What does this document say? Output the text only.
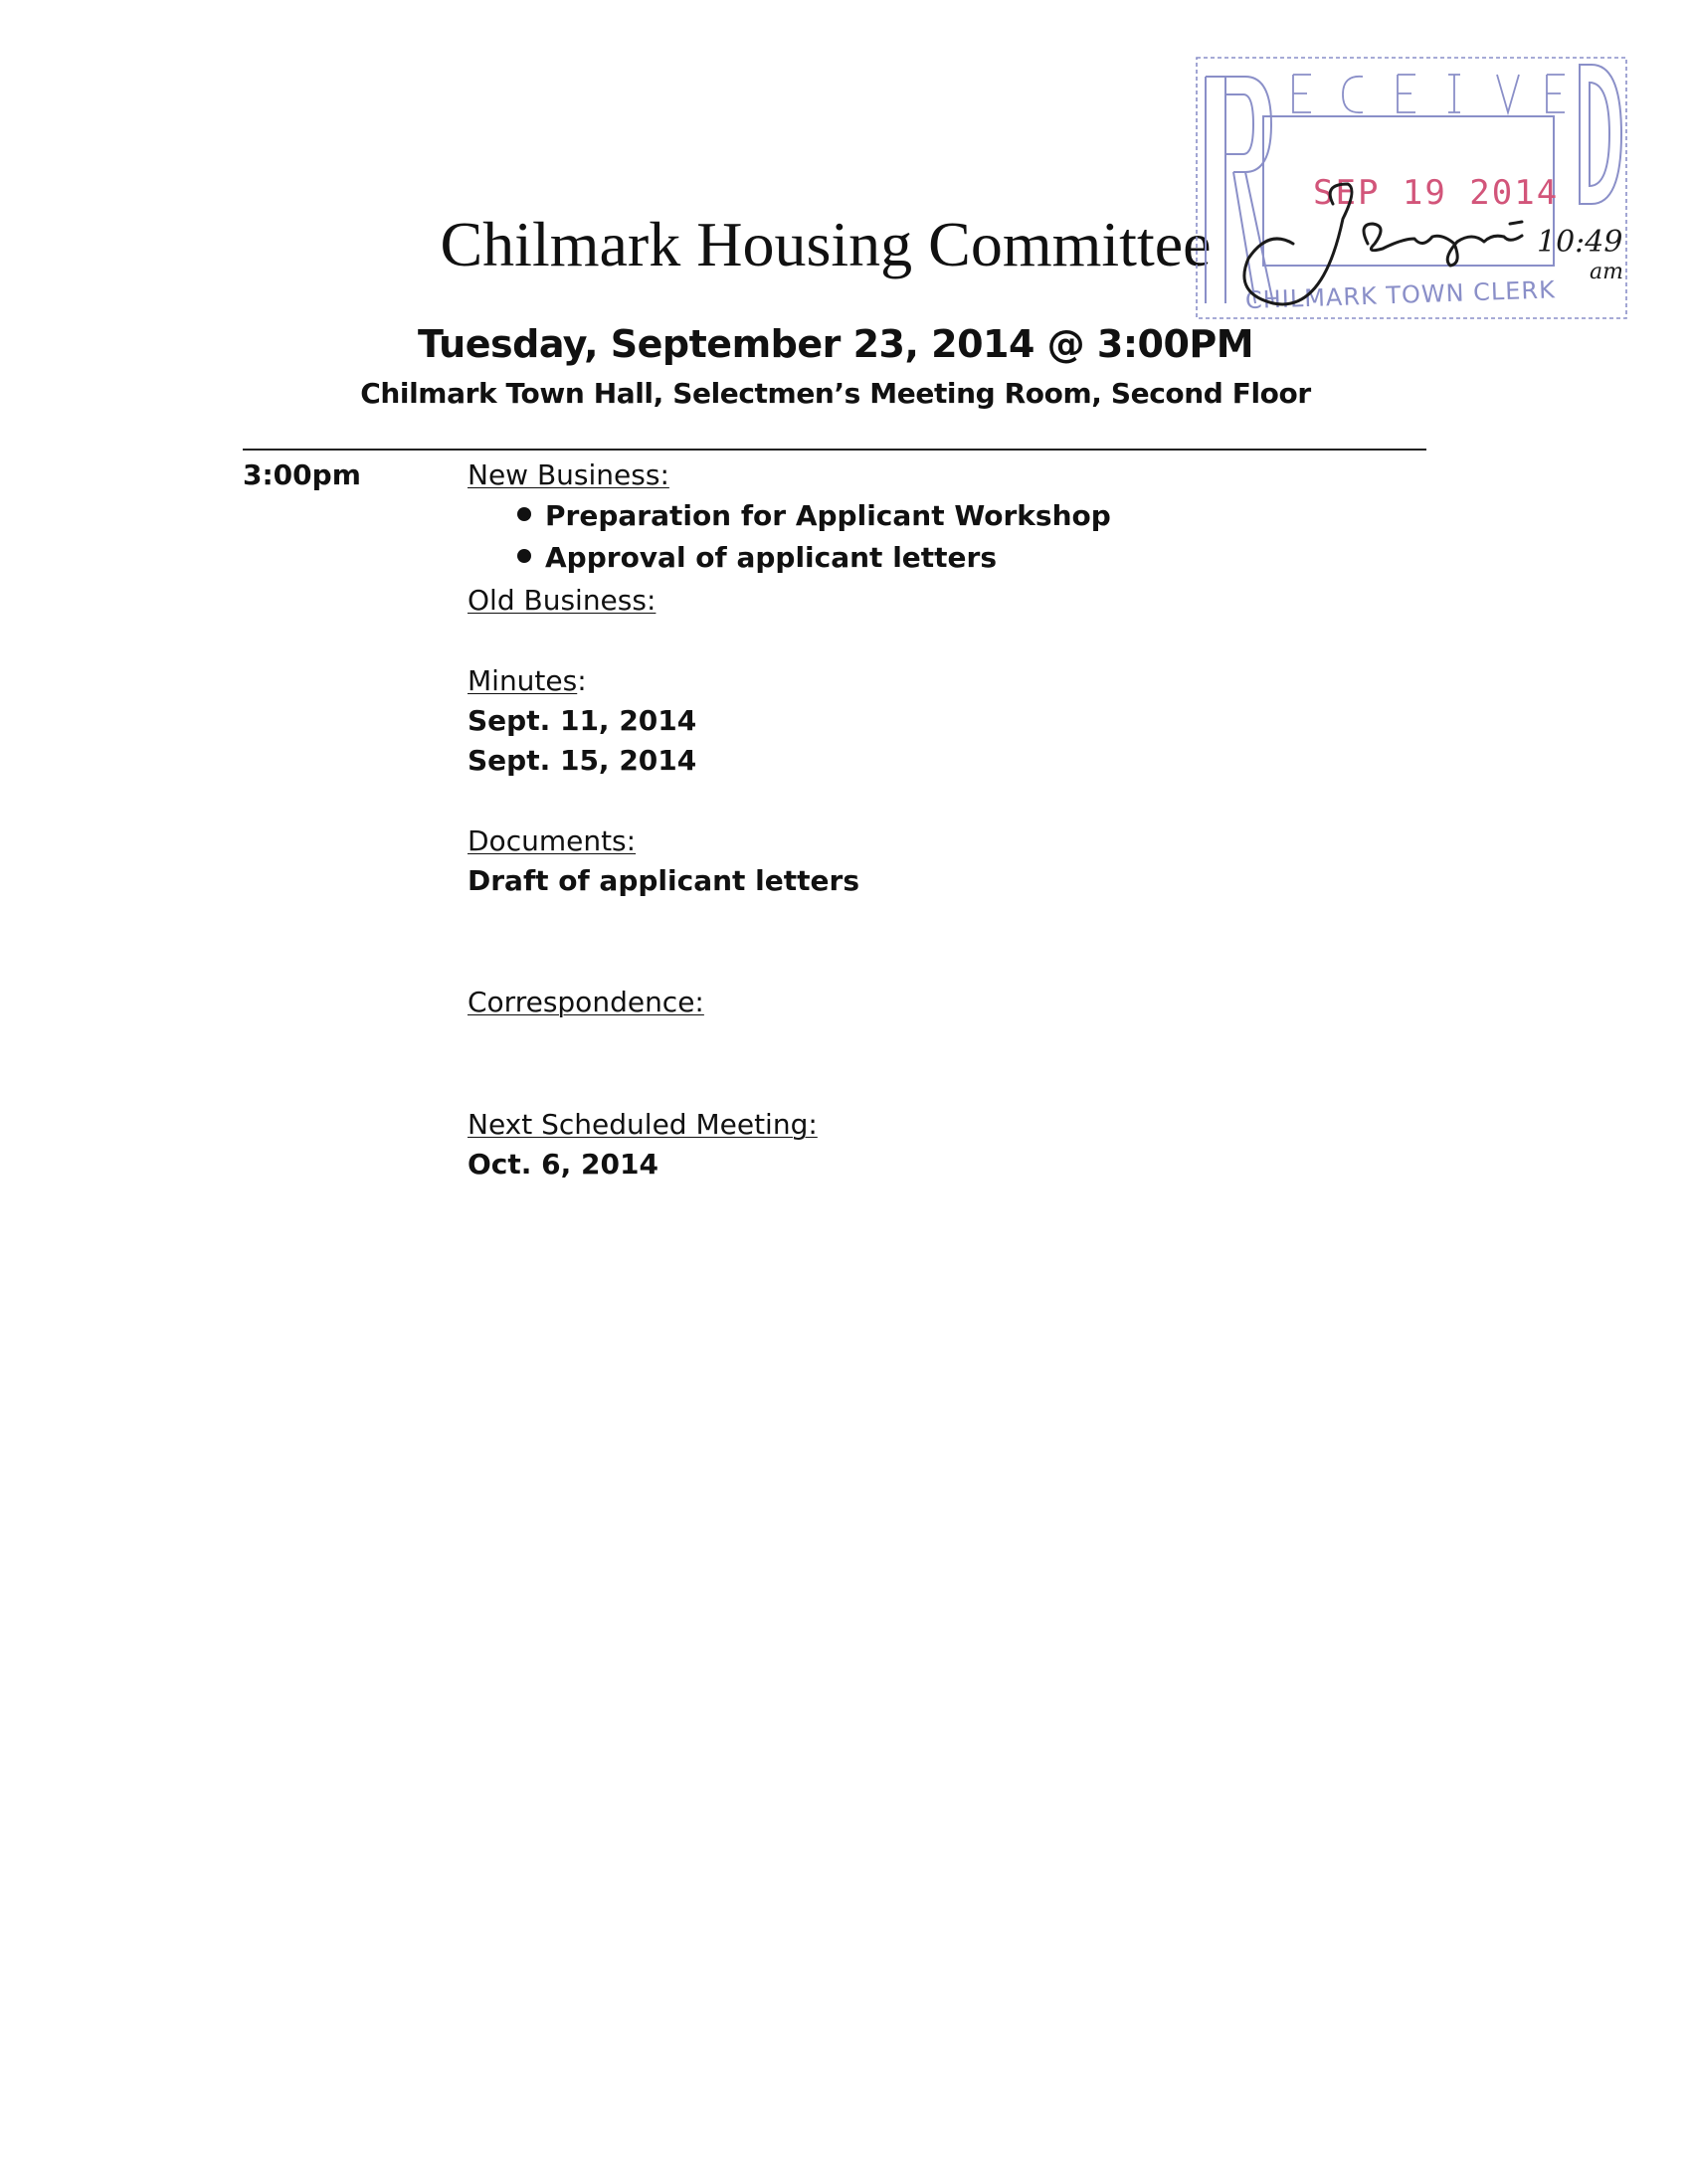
Chilmark Housing Committee
Tuesday, September 23, 2014 @ 3:00PM
Chilmark Town Hall, Selectmen’s Meeting Room, Second Floor
3:00pm	New Business:
Preparation for Applicant Workshop
Approval of applicant letters
Old Business:
Minutes:
Sept. 11, 2014
Sept. 15, 2014
Documents:
Draft of applicant letters
Correspondence:
Next Scheduled Meeting:
Oct. 6, 2014
SEP 19 2014
CHILMARK TOWN CLERK
10:49
am
